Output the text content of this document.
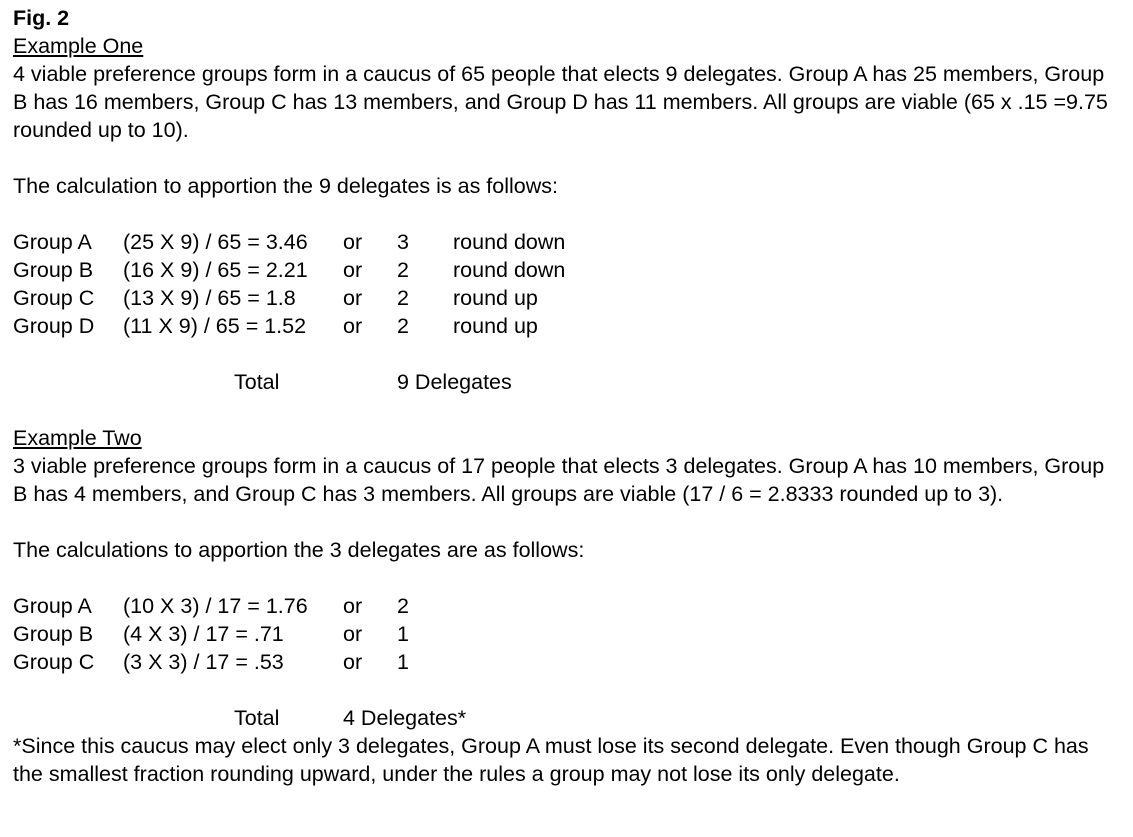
Fig. 2
Example One
4 viable preference groups form in a caucus of 65 people that elects 9 delegates. Group A has 25 members, Group B has 16 members, Group C has 13 members, and Group D has 11 members. All groups are viable (65 x .15 =9.75 rounded up to 10).
The calculation to apportion the 9 delegates is as follows:
Group A (25 X 9) / 65 = 3.46 or 3 round down
Group B (16 X 9) / 65 = 2.21 or 2 round down
Group C (13 X 9) / 65 = 1.8 or 2 round up
Group D (11 X 9) / 65 = 1.52 or 2 round up
Total	9 Delegates
Example Two
3 viable preference groups form in a caucus of 17 people that elects 3 delegates. Group A has 10 members, Group B has 4 members, and Group C has 3 members. All groups are viable (17 / 6 = 2.8333 rounded up to 3).
The calculations to apportion the 3 delegates are as follows:
Group A (10 X 3) / 17 = 1.76 or 2
Group B (4 X 3) / 17 = .71	or 1
Group C (3 X 3) / 17 = .53	or 1
Total	4 Delegates*
*Since this caucus may elect only 3 delegates, Group A must lose its second delegate. Even though Group C has the smallest fraction rounding upward, under the rules a group may not lose its only delegate.
